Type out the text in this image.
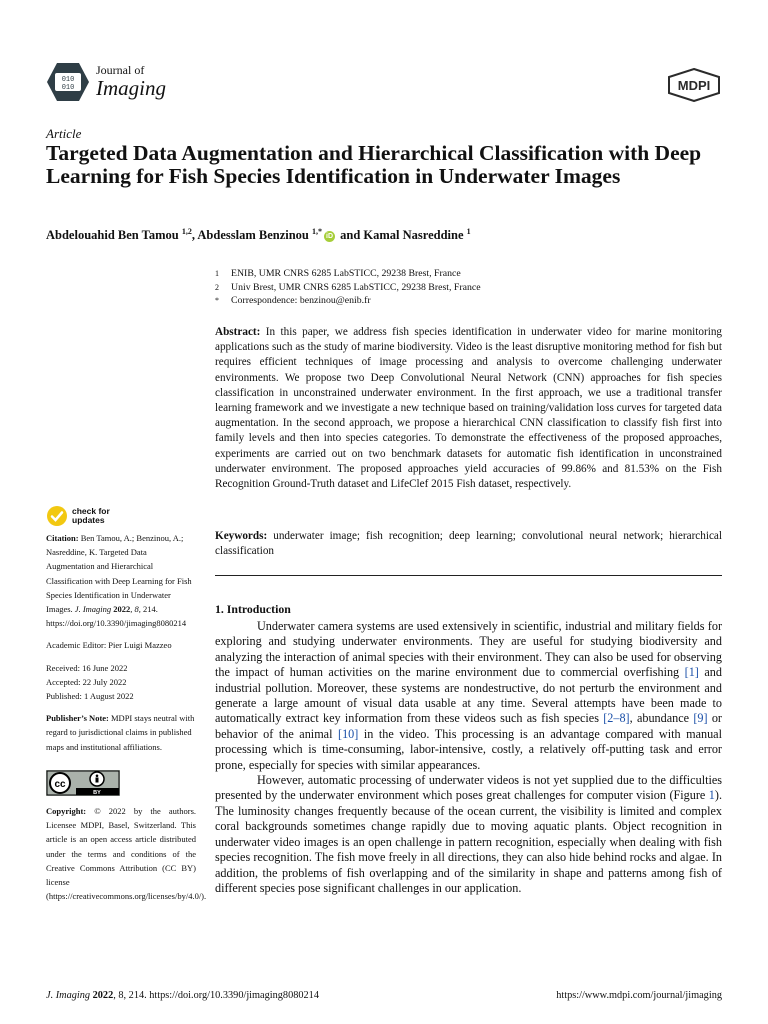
010
010
Journal of
Imaging	MDPI
Article
Targeted Data Augmentation and Hierarchical Classification with Deep Learning for Fish Species Identification in Underwater Images
Abdelouahid Ben Tamou $^{1,2}$, Abdesslam Benzinou $^{1,*}$iD and Kamal Nasreddine $^1$
1	ENIB, UMR CNRS 6285 LabSTICC, 29238 Brest, France
2	Univ Brest, UMR CNRS 6285 LabSTICC, 29238 Brest, France
*	Correspondence: benzinou@enib.fr

Abstract: In this paper, we address fish species identification in underwater video for marine monitoring applications such as the study of marine biodiversity. Video is the least disruptive monitoring method for fish but requires efficient techniques of image processing and analysis to overcome challenging underwater environments. We propose two Deep Convolutional Neural Network (CNN) approaches for fish species classification in unconstrained underwater environment. In the first approach, we use a traditional transfer learning framework and we investigate a new technique based on training/validation loss curves for targeted data augmentation. In the second approach, we propose a hierarchical CNN classification to classify fish first into family levels and then into species categories. To demonstrate the effectiveness of the proposed approaches, experiments are carried out on two benchmark datasets for automatic fish identification in unconstrained underwater environment. The proposed approaches yield accuracies of 99.86% and 81.53% on the Fish Recognition Ground-Truth dataset and LifeClef 2015 Fish dataset, respectively.

Keywords: underwater image; fish recognition; deep learning; convolutional neural network; hierarchical classification

1. Introduction

Underwater camera systems are used extensively in scientific, industrial and military fields for exploring and studying underwater environments. They are useful for studying biodiversity and analyzing the interaction of animal species with their environment. They can also be used for observing the impact of human activities on the marine environment due to commercial overfishing [1] and industrial pollution. Moreover, these systems are nondestructive, do not perturb the environment and generate a large amount of visual data usable at any time. Several attempts have been made to automatically extract key information from these videos such as fish species [2–8], abundance [9] or behavior of the animal [10] in the video. This processing is an advantage compared with manual processing which is time-consuming, labor-intensive, costly, a relatively off-putting task and error prone, especially for species with similar appearances.

However, automatic processing of underwater videos is not yet supplied due to the difficulties presented by the underwater environment which poses great challenges for computer vision (Figure 1). The luminosity changes frequently because of the ocean current, the visibility is limited and complex coral backgrounds sometimes change rapidly due to moving aquatic plants. Object recognition in underwater video images is an open challenge in pattern recognition, especially when dealing with fish species recognition. The fish move freely in all directions, they can also hide behind rocks and algae. In addition, the problems of fish overlapping and of the similarity in shape and patterns among fish of different species pose significant challenges in our application.

check for
updates
Citation: Ben Tamou, A.; Benzinou, A.; Nasreddine, K. Targeted Data Augmentation and Hierarchical Classification with Deep Learning for Fish Species Identification in Underwater Images. J. Imaging 2022, 8, 214. https://doi.org/10.3390/jimaging8080214
Academic Editor: Pier Luigi Mazzeo
Received: 16 June 2022
Accepted: 22 July 2022
Published: 1 August 2022
Publisher’s Note: MDPI stays neutral with regard to jurisdictional claims in published maps and institutional affiliations.
cc
BY
Copyright: © 2022 by the authors. Licensee MDPI, Basel, Switzerland. This article is an open access article distributed under the terms and conditions of the Creative Commons Attribution (CC BY) license (https://creativecommons.org/licenses/by/4.0/).
J. Imaging 2022, 8, 214. https://doi.org/10.3390/jimaging8080214	https://www.mdpi.com/journal/jimaging
